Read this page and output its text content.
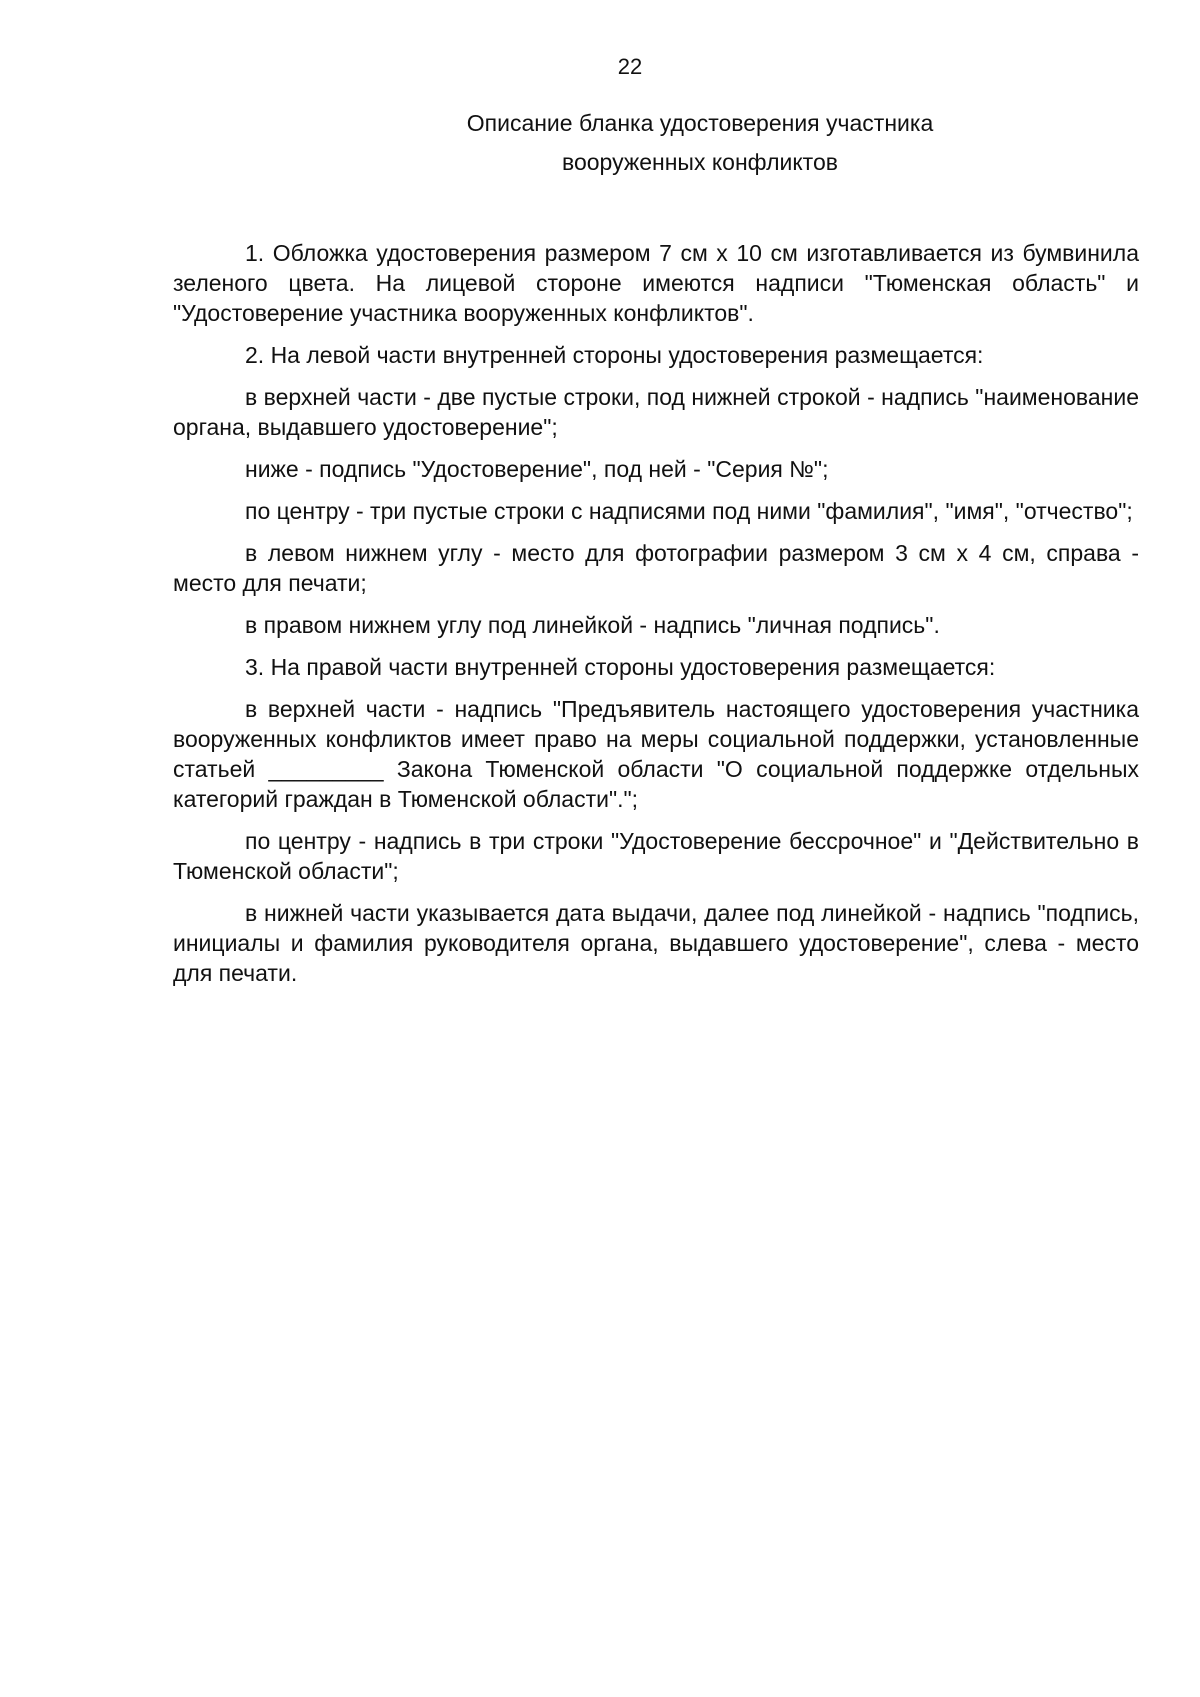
22
Описание бланка удостоверения участника
вооруженных конфликтов

1. Обложка удостоверения размером 7 см х 10 см изготавливается из бумвинила зеленого цвета. На лицевой стороне имеются надписи "Тюменская область" и "Удостоверение участника вооруженных конфликтов".

2. На левой части внутренней стороны удостоверения размещается:

в верхней части - две пустые строки, под нижней строкой - надпись "наименование органа, выдавшего удостоверение";

ниже - подпись "Удостоверение", под ней - "Серия №";

по центру - три пустые строки с надписями под ними "фамилия", "имя", "отчество";

в левом нижнем углу - место для фотографии размером 3 см х 4 см, справа - место для печати;

в правом нижнем углу под линейкой - надпись "личная подпись".

3. На правой части внутренней стороны удостоверения размещается:

в верхней части - надпись "Предъявитель настоящего удостоверения участника вооруженных конфликтов имеет право на меры социальной поддержки, установленные статьей _________ Закона Тюменской области "О социальной поддержке отдельных категорий граждан в Тюменской области".";

по центру - надпись в три строки "Удостоверение бессрочное" и "Действительно в Тюменской области";

в нижней части указывается дата выдачи, далее под линейкой - надпись "подпись, инициалы и фамилия руководителя органа, выдавшего удостоверение", слева - место для печати.
